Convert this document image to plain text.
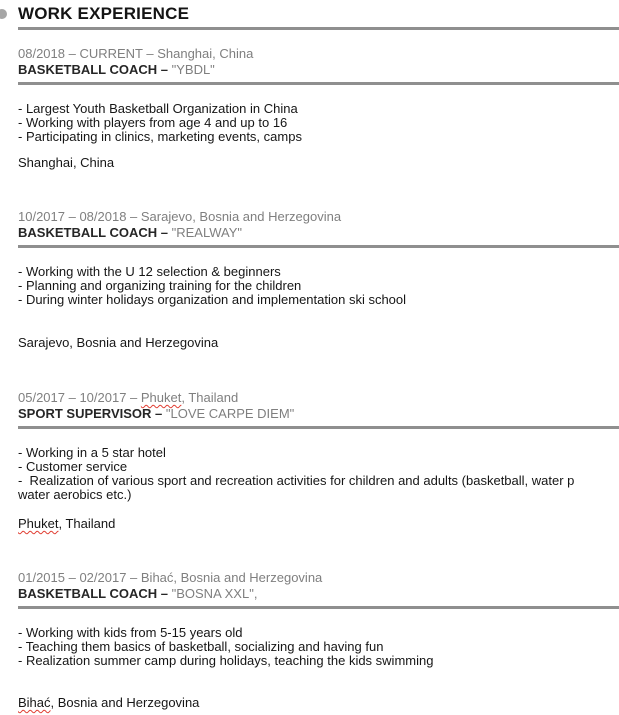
WORK EXPERIENCE
08/2018 – CURRENT – Shanghai, China
BASKETBALL COACH – "YBDL"
- Largest Youth Basketball Organization in China
- Working with players from age 4 and up to 16
- Participating in clinics, marketing events, camps
Shanghai, China
10/2017 – 08/2018 – Sarajevo, Bosnia and Herzegovina
BASKETBALL COACH – "REALWAY"
- Working with the U 12 selection & beginners
- Planning and organizing training for the children
- During winter holidays organization and implementation ski school
Sarajevo, Bosnia and Herzegovina
05/2017 – 10/2017 – Phuket, Thailand
SPORT SUPERVISOR – "LOVE CARPE DIEM"
- Working in a 5 star hotel
- Customer service
-  Realization of various sport and recreation activities for children and adults (basketball, water p
water aerobics etc.)
Phuket, Thailand
01/2015 – 02/2017 – Bihać, Bosnia and Herzegovina
BASKETBALL COACH – "BOSNA XXL",
- Working with kids from 5-15 years old
- Teaching them basics of basketball, socializing and having fun
- Realization summer camp during holidays, teaching the kids swimming
Bihać, Bosnia and Herzegovina
